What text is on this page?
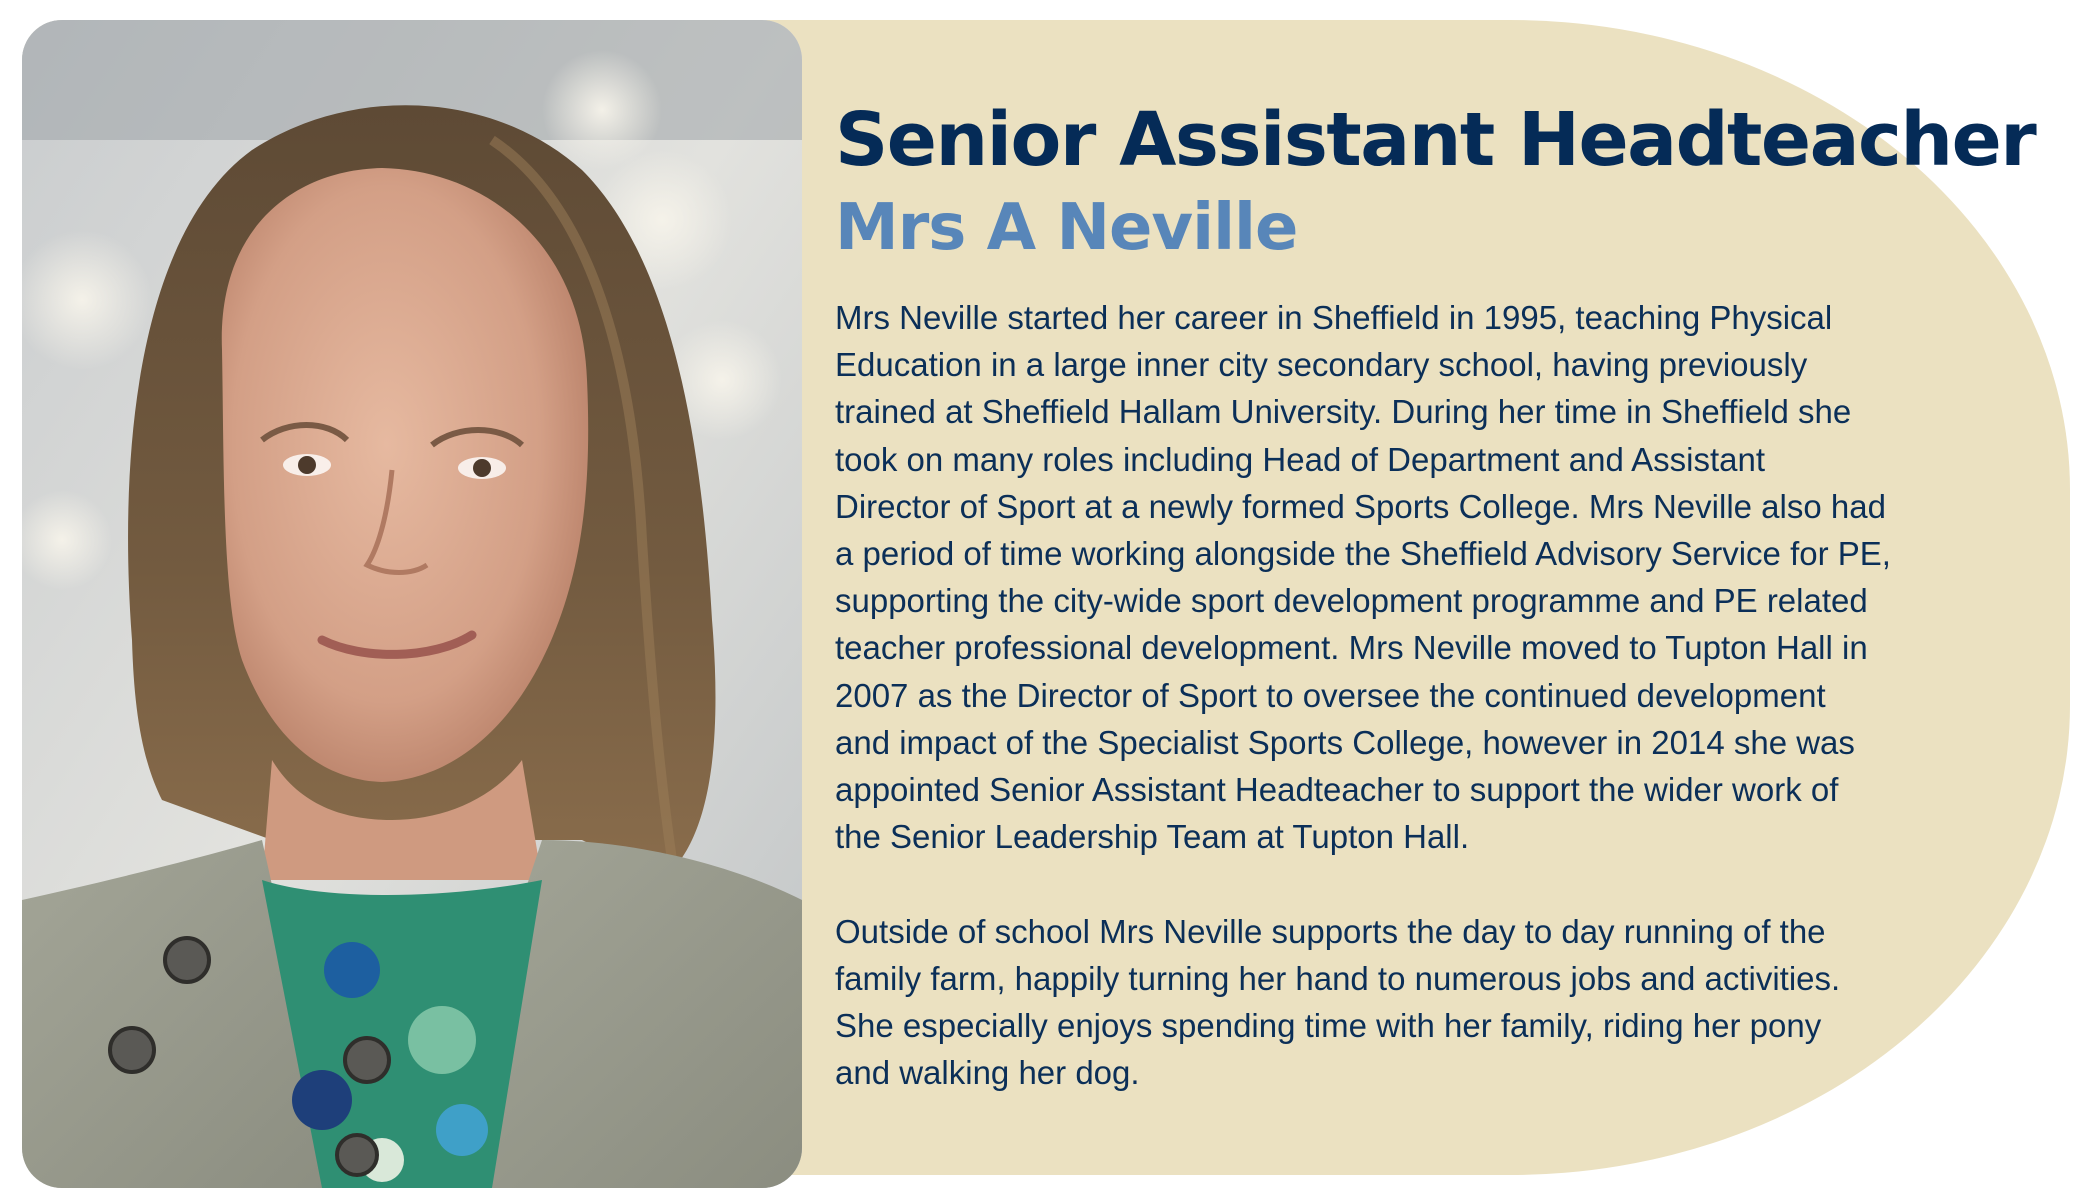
Senior Assistant Headteacher
Mrs A Neville
Mrs Neville started her career in Sheffield in 1995, teaching Physical
Education in a large inner city secondary school, having previously
trained at Sheffield Hallam University. During her time in Sheffield she
took on many roles including Head of Department and Assistant
Director of Sport at a newly formed Sports College. Mrs Neville also had
a period of time working alongside the Sheffield Advisory Service for PE,
supporting the city-wide sport development programme and PE related
teacher professional development. Mrs Neville moved to Tupton Hall in
2007 as the Director of Sport to oversee the continued development
and impact of the Specialist Sports College, however in 2014 she was
appointed Senior Assistant Headteacher to support the wider work of
the Senior Leadership Team at Tupton Hall.
Outside of school Mrs Neville supports the day to day running of the
family farm, happily turning her hand to numerous jobs and activities.
She especially enjoys spending time with her family, riding her pony
and walking her dog.
